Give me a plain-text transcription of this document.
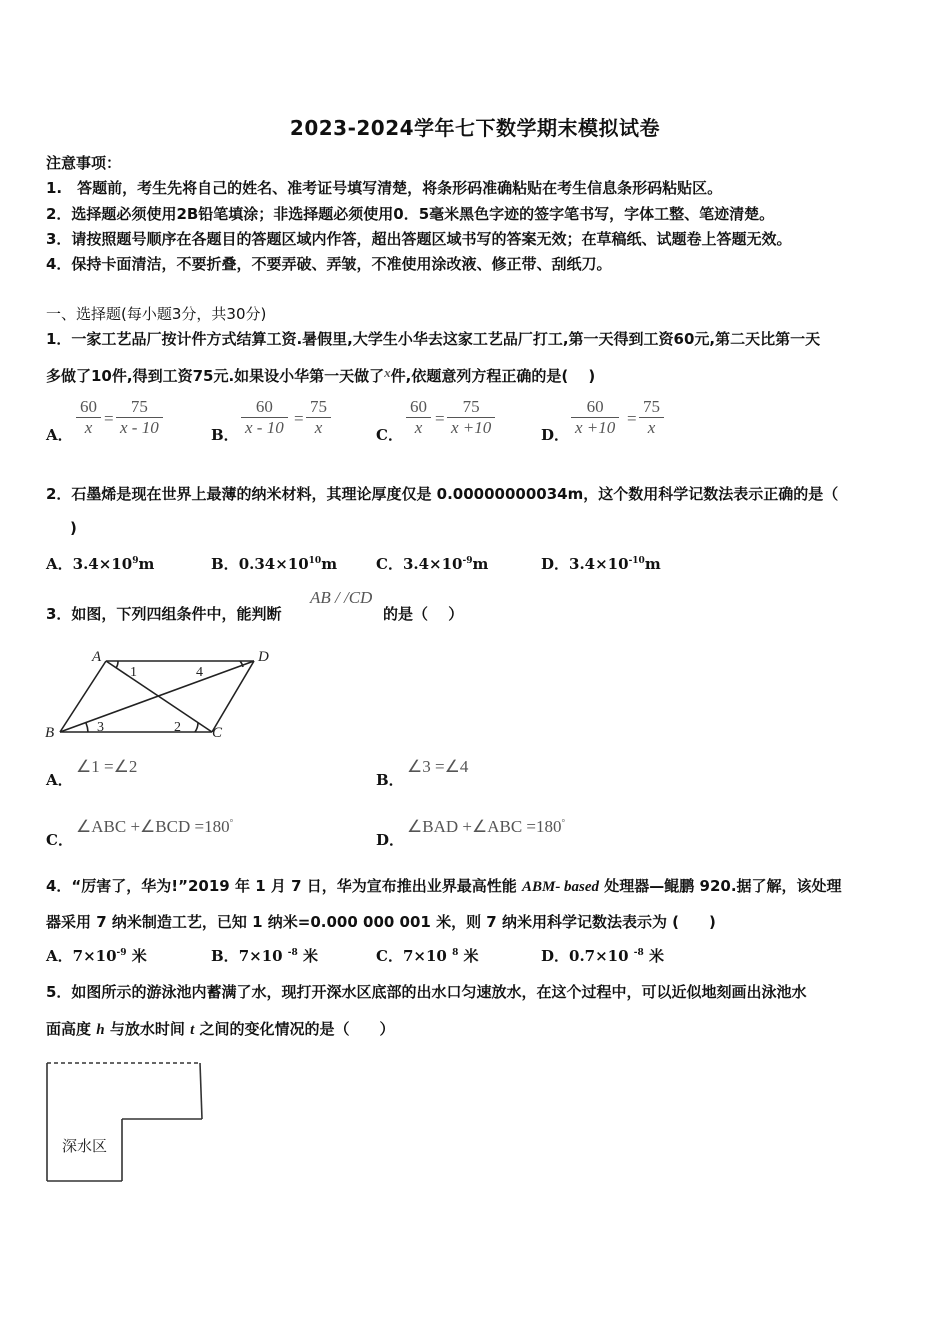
2023-2024学年七下数学期末模拟试卷
注意事项：
1.　答题前，考生先将自己的姓名、准考证号填写清楚，将条形码准确粘贴在考生信息条形码粘贴区。
2．选择题必须使用2B铅笔填涂；非选择题必须使用0．5毫米黑色字迹的签字笔书写，字体工整、笔迹清楚。
3．请按照题号顺序在各题目的答题区域内作答，超出答题区域书写的答案无效；在草稿纸、试题卷上答题无效。
4．保持卡面清洁，不要折叠，不要弄破、弄皱，不准使用涂改液、修正带、刮纸刀。
一、选择题(每小题3分，共30分)
1．一家工艺品厂按计件方式结算工资.暑假里,大学生小华去这家工艺品厂打工,第一天得到工资60元,第二天比第一天
多做了10件,得到工资75元.如果设小华第一天做了x件,依题意列方程正确的是(　 )
A． $\frac{60}{x} = \frac{75}{x - 10}$	B． $\frac{60}{x - 10} = \frac{75}{x}$	C． $\frac{60}{x} = \frac{75}{x +10}$	D． $\frac{60}{x +10} = \frac{75}{x}$
2．石墨烯是现在世界上最薄的纳米材料，其理论厚度仅是 0.00000000034m，这个数用科学记数法表示正确的是（
)
A．$3.4\times 10^9m$	B．$0.34\times 10^{10}m$	C．$3.4\times 10^{-9}m$	D．$3.4\times 10^{-10}m$
3．如图，下列四组条件中，能判断
AB / /CD
的是（　 ）
A	D
B	C
1
2
3
4
A．
∠1 =∠2
B．
∠3 =∠4
C．
∠ABC +∠BCD =180°
D．
∠BAD +∠ABC =180°
4．“厉害了，华为!”2019 年 1 月 7 日，华为宣布推出业界最高性能 ABM- based 处理器—鲲鹏 920.据了解，该处理
器采用 7 纳米制造工艺，已知 1 纳米=0.000 000 001 米，则 7 纳米用科学记数法表示为 (　　)
A．$7\times 10^{-9}$ 米	B．7×10 $^{-8}$ 米	C．7×10 $^8$ 米	D．0.7×10 $^{-8}$ 米
5．如图所示的游泳池内蓄满了水，现打开深水区底部的出水口匀速放水，在这个过程中，可以近似地刻画出泳池水
面高度 h 与放水时间 t 之间的变化情况的是（　　）
深水区
